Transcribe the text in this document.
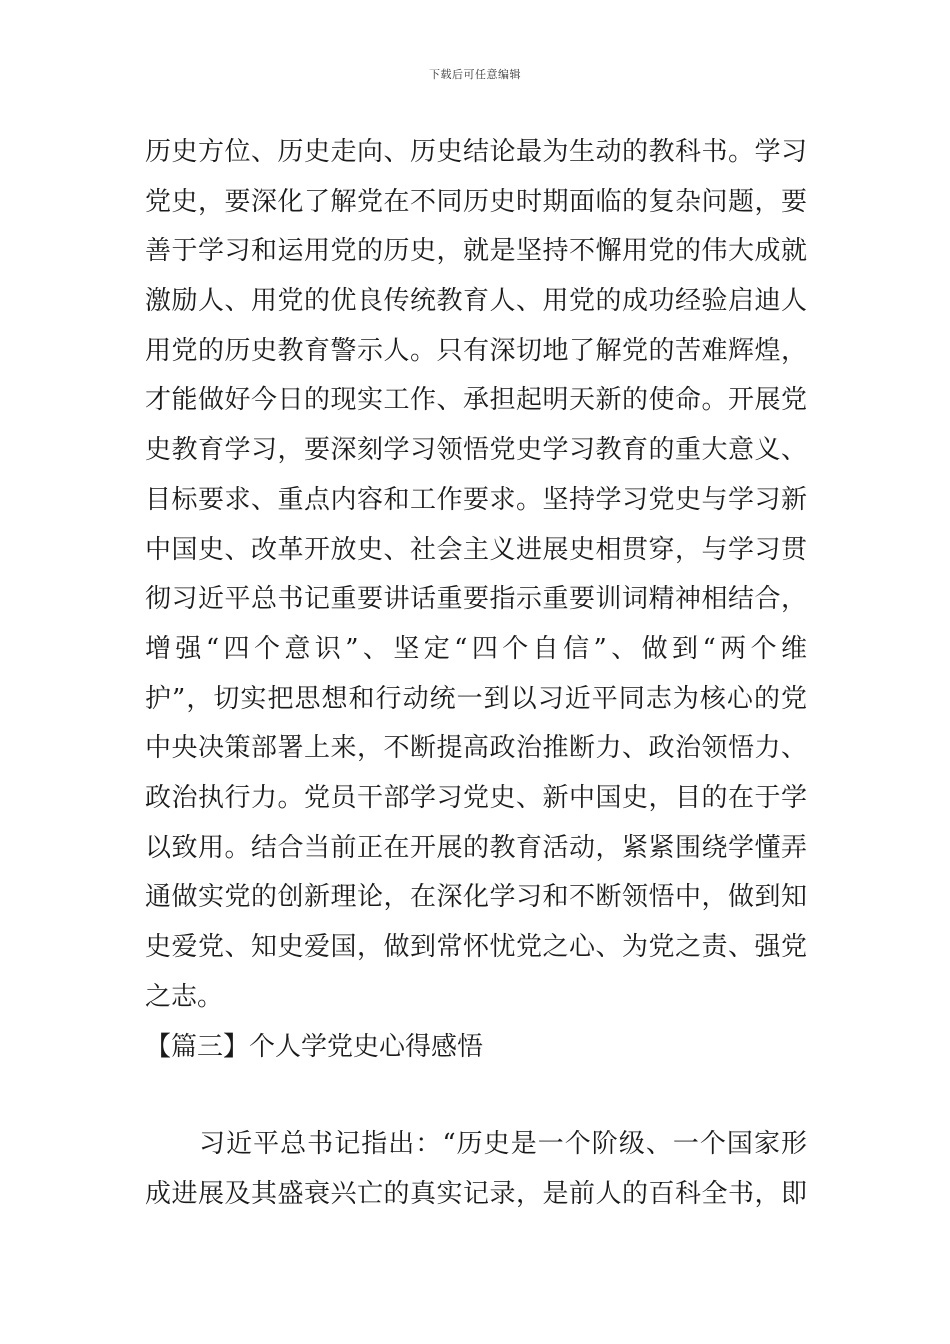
下载后可任意编辑
历史方位、历史走向、历史结论最为生动的教科书。学习
党史，要深化了解党在不同历史时期面临的复杂问题，要
善于学习和运用党的历史，就是坚持不懈用党的伟大成就
激励人、用党的优良传统教育人、用党的成功经验启迪人
用党的历史教育警示人。只有深切地了解党的苦难辉煌，
才能做好今日的现实工作、承担起明天新的使命。开展党
史教育学习，要深刻学习领悟党史学习教育的重大意义、
目标要求、重点内容和工作要求。坚持学习党史与学习新
中国史、改革开放史、社会主义进展史相贯穿，与学习贯
彻习近平总书记重要讲话重要指示重要训词精神相结合，
增强“四个意识”、坚定“四个自信”、做到“两个维
护”，切实把思想和行动统一到以习近平同志为核心的党
中央决策部署上来，不断提高政治推断力、政治领悟力、
政治执行力。党员干部学习党史、新中国史，目的在于学
以致用。结合当前正在开展的教育活动，紧紧围绕学懂弄
通做实党的创新理论，在深化学习和不断领悟中，做到知
史爱党、知史爱国，做到常怀忧党之心、为党之责、强党
之志。
【篇三】个人学党史心得感悟
　　习近平总书记指出：“历史是一个阶级、一个国家形
成进展及其盛衰兴亡的真实记录，是前人的百科全书，即
